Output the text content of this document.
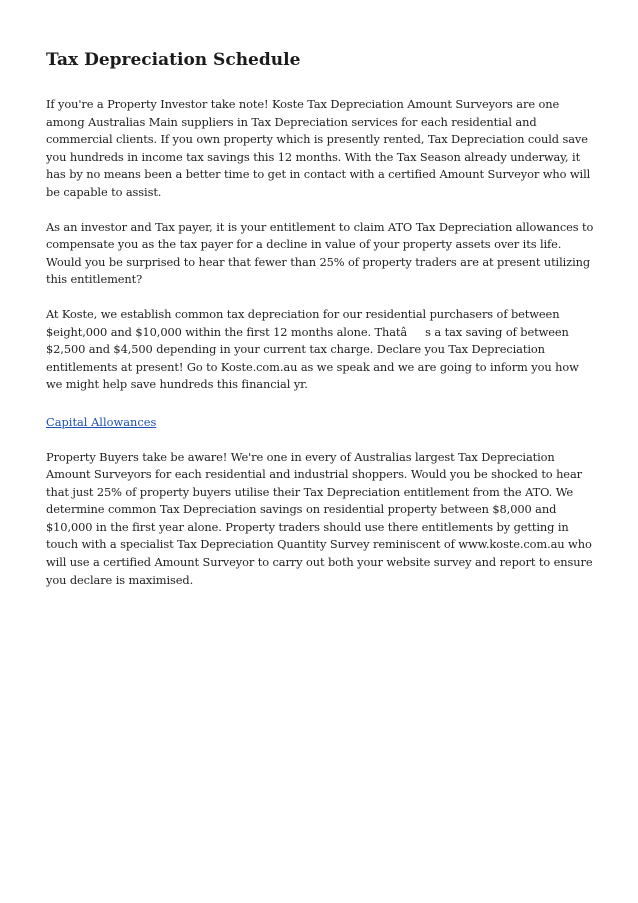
Tax Depreciation Schedule

If you're a Property Investor take note! Koste Tax Depreciation Amount Surveyors are one among Australias Main suppliers in Tax Depreciation services for each residential and commercial clients. If you own property which is presently rented, Tax Depreciation could save you hundreds in income tax savings this 12 months. With the Tax Season already underway, it has by no means been a better time to get in contact with a certified Amount Surveyor who will be capable to assist.

As an investor and Tax payer, it is your entitlement to claim ATO Tax Depreciation allowances to compensate you as the tax payer for a decline in value of your property assets over its life. Would you be surprised to hear that fewer than 25% of property traders are at present utilizing this entitlement?

At Koste, we establish common tax depreciation for our residential purchasers of between $eight,000 and $10,000 within the first 12 months alone. Thatâs a tax saving of between $2,500 and $4,500 depending in your current tax charge. Declare you Tax Depreciation entitlements at present! Go to Koste.com.au as we speak and we are going to inform you how we might help save hundreds this financial yr.

Capital Allowances

Property Buyers take be aware! We're one in every of Australias largest Tax Depreciation Amount Surveyors for each residential and industrial shoppers. Would you be shocked to hear that just 25% of property buyers utilise their Tax Depreciation entitlement from the ATO. We determine common Tax Depreciation savings on residential property between $8,000 and $10,000 in the first year alone. Property traders should use there entitlements by getting in touch with a specialist Tax Depreciation Quantity Survey reminiscent of www.koste.com.au who will use a certified Amount Surveyor to carry out both your website survey and report to ensure you declare is maximised.
